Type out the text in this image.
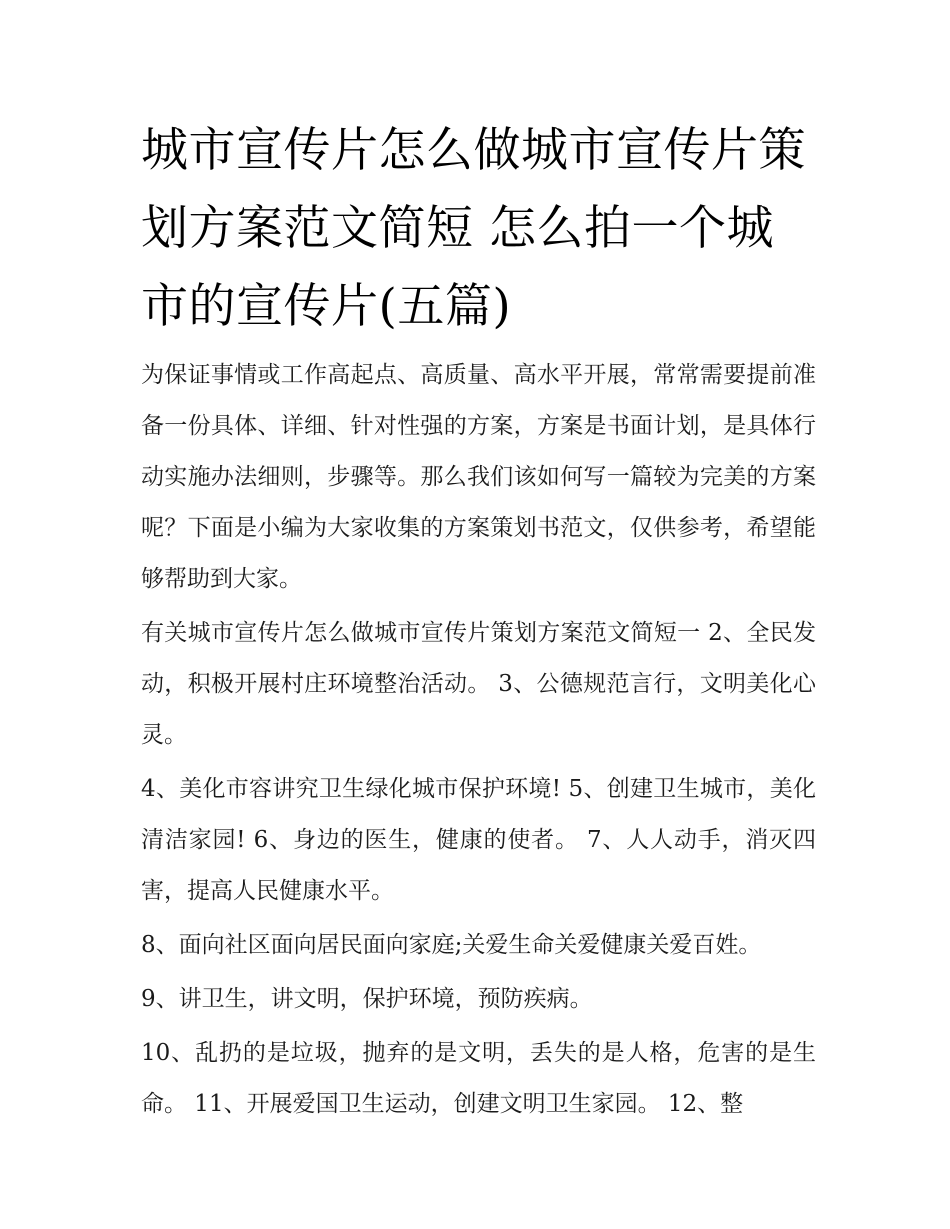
城市宣传片怎么做城市宣传片策划方案范文简短 怎么拍一个城市的宣传片(五篇)

为保证事情或工作高起点、高质量、高水平开展，常常需要提前准备一份具体、详细、针对性强的方案，方案是书面计划，是具体行动实施办法细则，步骤等。那么我们该如何写一篇较为完美的方案呢？下面是小编为大家收集的方案策划书范文，仅供参考，希望能够帮助到大家。

有关城市宣传片怎么做城市宣传片策划方案范文简短一 2、全民发动，积极开展村庄环境整治活动。 3、公德规范言行，文明美化心灵。

4、美化市容讲究卫生绿化城市保护环境! 5、创建卫生城市，美化清洁家园! 6、身边的医生，健康的使者。 7、人人动手，消灭四害，提高人民健康水平。

8、面向社区面向居民面向家庭;关爱生命关爱健康关爱百姓。

9、讲卫生，讲文明，保护环境，预防疾病。

10、乱扔的是垃圾，抛弃的是文明，丢失的是人格，危害的是生命。 11、开展爱国卫生运动，创建文明卫生家园。 12、整
